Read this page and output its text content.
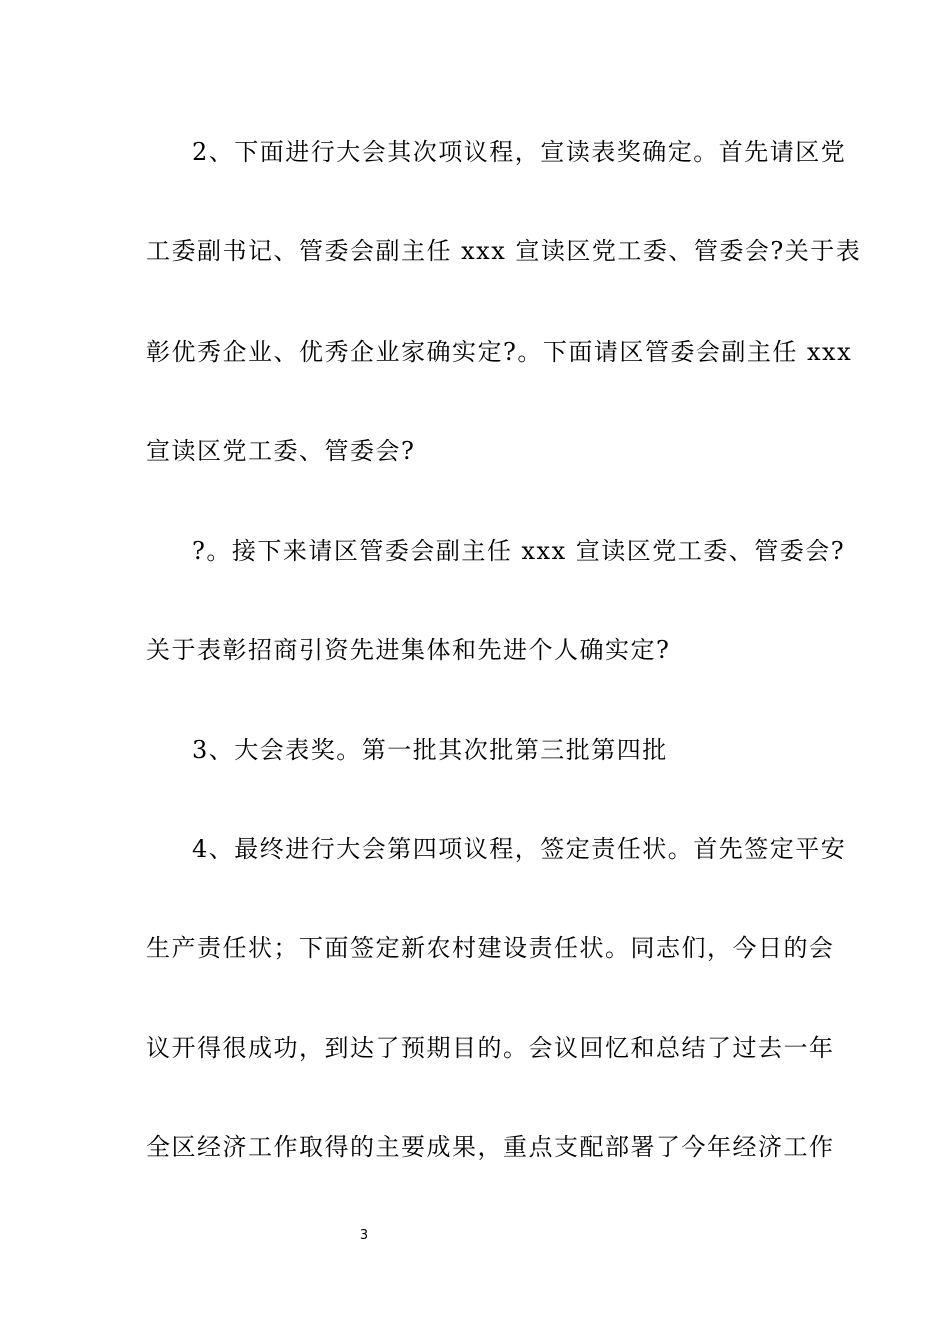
2、下面进行大会其次项议程，宣读表奖确定。首先请区党
工委副书记、管委会副主任 xxx 宣读区党工委、管委会?关于表
彰优秀企业、优秀企业家确实定?。下面请区管委会副主任 xxx
宣读区党工委、管委会?
?。接下来请区管委会副主任 xxx 宣读区党工委、管委会?
关于表彰招商引资先进集体和先进个人确实定?
3、大会表奖。第一批其次批第三批第四批
4、最终进行大会第四项议程，签定责任状。首先签定平安
生产责任状；下面签定新农村建设责任状。同志们，今日的会
议开得很成功，到达了预期目的。会议回忆和总结了过去一年
全区经济工作取得的主要成果，重点支配部署了今年经济工作
3
